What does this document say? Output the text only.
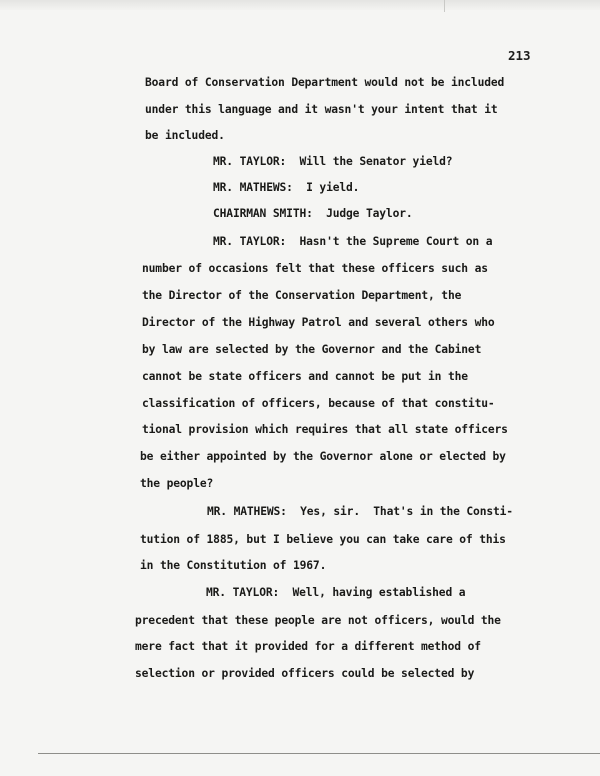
213
Board of Conservation Department would not be included
under this language and it wasn't your intent that it
be included.
MR. TAYLOR:  Will the Senator yield?
MR. MATHEWS:  I yield.
CHAIRMAN SMITH:  Judge Taylor.
MR. TAYLOR:  Hasn't the Supreme Court on a
number of occasions felt that these officers such as
the Director of the Conservation Department, the
Director of the Highway Patrol and several others who
by law are selected by the Governor and the Cabinet
cannot be state officers and cannot be put in the
classification of officers, because of that constitu-
tional provision which requires that all state officers
be either appointed by the Governor alone or elected by
the people?
MR. MATHEWS:  Yes, sir.  That's in the Consti-
tution of 1885, but I believe you can take care of this
in the Constitution of 1967.
MR. TAYLOR:  Well, having established a
precedent that these people are not officers, would the
mere fact that it provided for a different method of
selection or provided officers could be selected by
